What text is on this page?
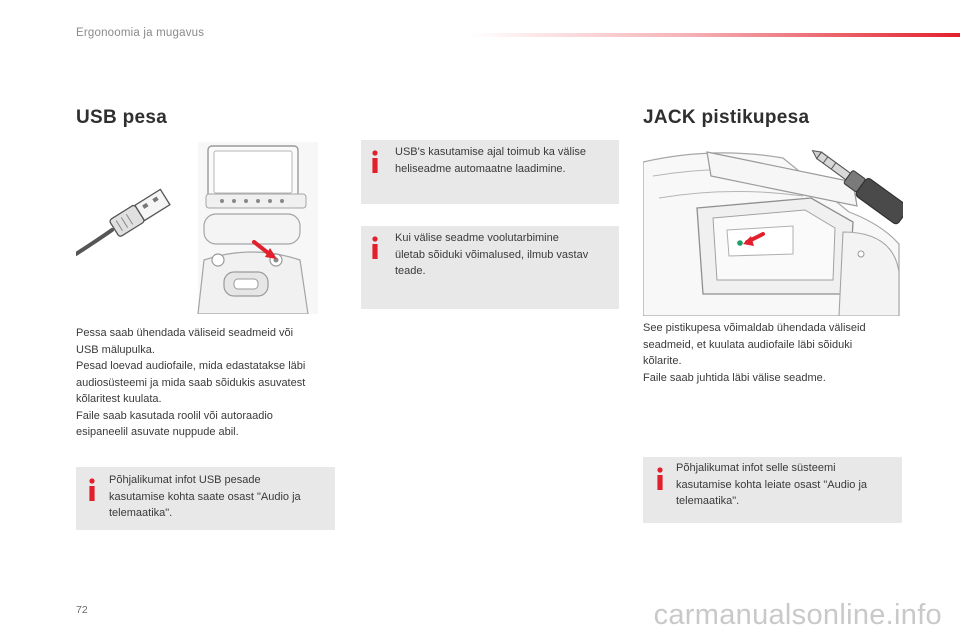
Ergonoomia ja mugavus
USB pesa

Pessa saab ühendada väliseid seadmeid või

USB mälupulka.

Pesad loevad audiofaile, mida edastatakse läbi

audiosüsteemi ja mida saab sõidukis asuvatest

kõlaritest kuulata.

Faile saab kasutada roolil või autoraadio

esipaneelil asuvate nuppude abil.

Põhjalikumat infot USB pesade

kasutamise kohta saate osast "Audio ja

telemaatika".

USB's kasutamise ajal toimub ka välise

heliseadme automaatne laadimine.

Kui välise seadme voolutarbimine

ületab sõiduki võimalused, ilmub vastav

teade.

JACK pistikupesa

See pistikupesa võimaldab ühendada väliseid

seadmeid, et kuulata audiofaile läbi sõiduki

kõlarite.

Faile saab juhtida läbi välise seadme.

Põhjalikumat infot selle süsteemi

kasutamise kohta leiate osast "Audio ja

telemaatika".

72	carmanualsonline.info
